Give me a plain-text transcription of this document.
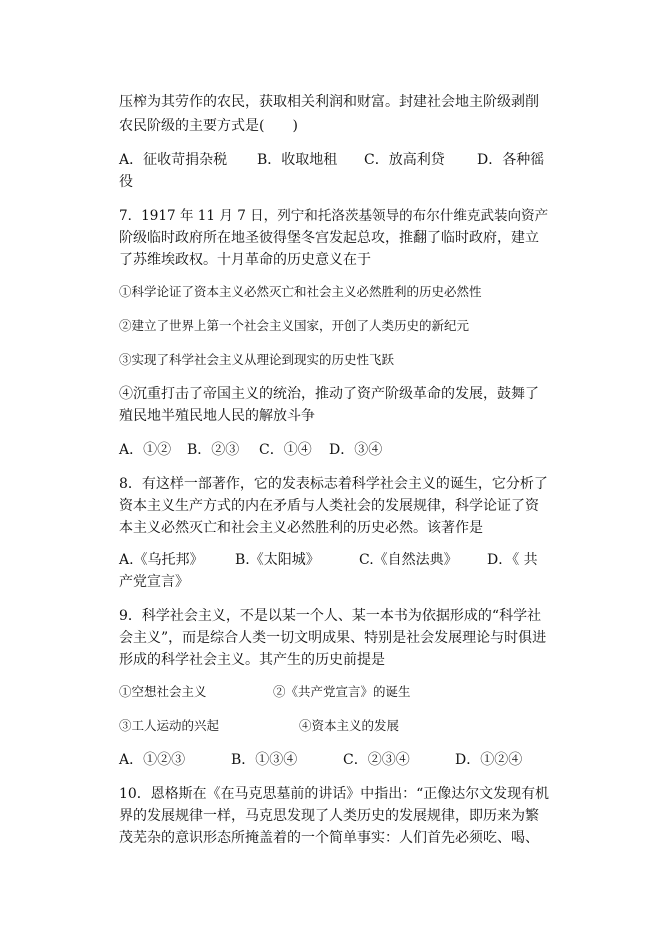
压榨为其劳作的农民，获取相关利润和财富。封建社会地主阶级剥削
农民阶级的主要方式是(　　)
A．征收苛捐杂税 B．收取地租 C．放高利贷 D．各种徭
役
7．1917 年 11 月 7 日，列宁和托洛茨基领导的布尔什维克武装向资产
阶级临时政府所在地圣彼得堡冬宫发起总攻，推翻了临时政府，建立
了苏维埃政权。十月革命的历史意义在于
①科学论证了资本主义必然灭亡和社会主义必然胜利的历史必然性
②建立了世界上第一个社会主义国家，开创了人类历史的新纪元
③实现了科学社会主义从理论到现实的历史性飞跃
④沉重打击了帝国主义的统治，推动了资产阶级革命的发展，鼓舞了
殖民地半殖民地人民的解放斗争
A．①② B．②③ C．①④ D．③④
8．有这样一部著作，它的发表标志着科学社会主义的诞生，它分析了
资本主义生产方式的内在矛盾与人类社会的发展规律，科学论证了资
本主义必然灭亡和社会主义必然胜利的历史必然。该著作是
A.《乌托邦》 B.《太阳城》	C.《自然法典》 D．《 共
产党宣言》
9．科学社会主义，不是以某一个人、某一本书为依据形成的“科学社
会主义”，而是综合人类一切文明成果、特别是社会发展理论与时俱进
形成的科学社会主义。其产生的历史前提是
①空想社会主义	②《共产党宣言》的诞生
③工人运动的兴起	④资本主义的发展
A．①②③	B．①③④	C．②③④	D．①②④
10．恩格斯在《在马克思墓前的讲话》中指出：“正像达尔文发现有机
界的发展规律一样，马克思发现了人类历史的发展规律，即历来为繁
茂芜杂的意识形态所掩盖着的一个简单事实：人们首先必须吃、喝、
